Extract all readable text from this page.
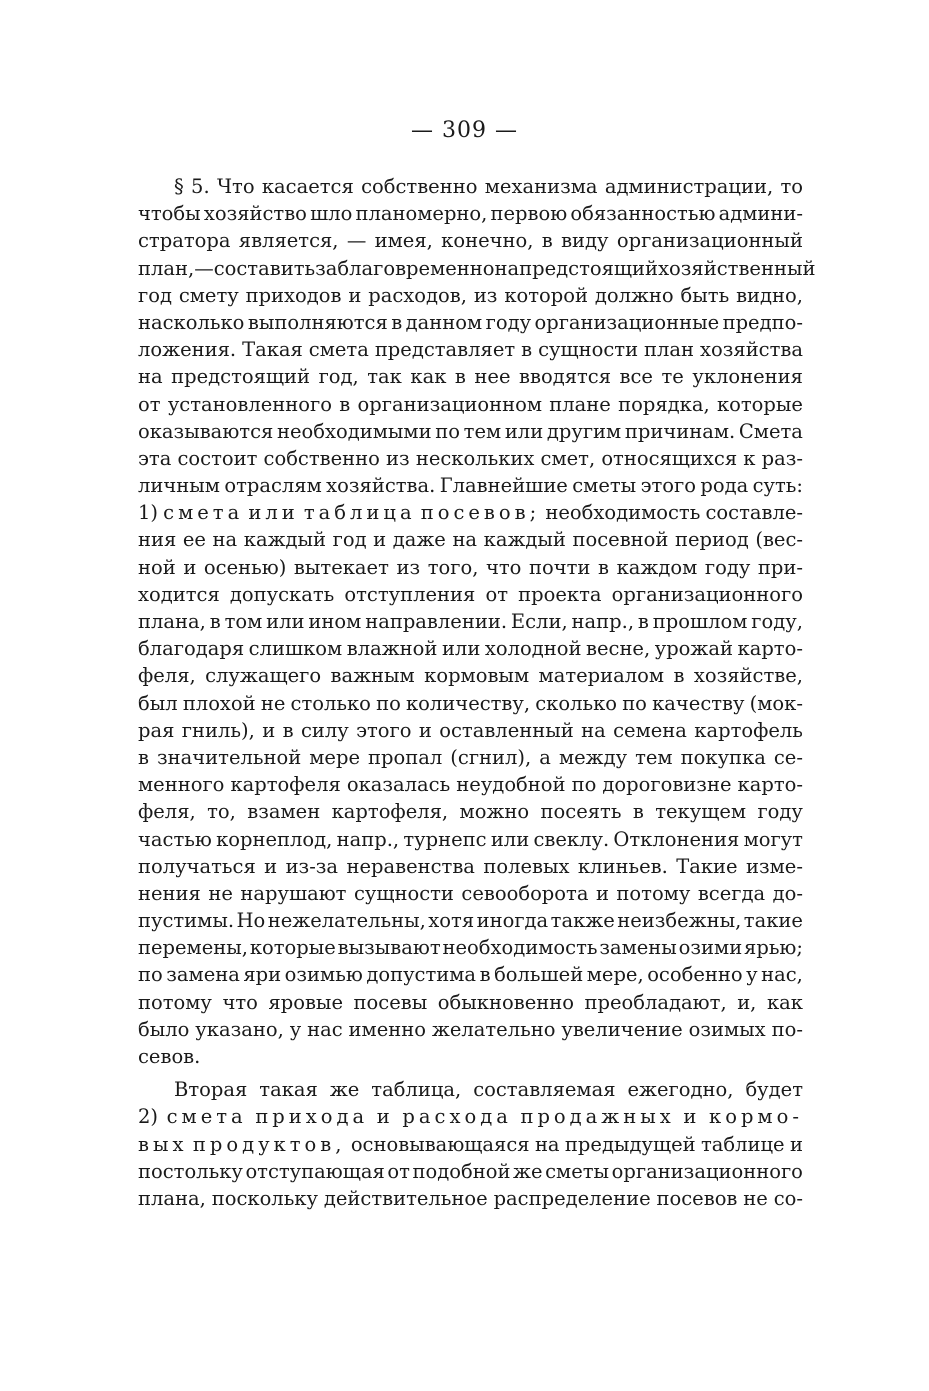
— 309 —
§ 5. Что касается собственно механизма администрации, то
чтобы хозяйство шло планомерно, первою обязанностью админи-
стратора является, — имея, конечно, в виду организационный
план, — составить заблаговременно на предстоящий хозяйственный
год смету приходов и расходов, из которой должно быть видно,
насколько выполняются в данном году организационные предпо-
ложения. Такая смета представляет в сущности план хозяйства
на предстоящий год, так как в нее вводятся все те уклонения
от установленного в организационном плане порядка, которые
оказываются необходимыми по тем или другим причинам. Смета
эта состоит собственно из нескольких смет, относящихся к раз-
личным отраслям хозяйства. Главнейшие сметы этого рода суть:
1) смета или таблица посевов; необходимость составле-
ния ее на каждый год и даже на каждый посевной период (вес-
ной и осенью) вытекает из того, что почти в каждом году при-
ходится допускать отступления от проекта организационного
плана, в том или ином направлении. Если, напр., в прошлом году,
благодаря слишком влажной или холодной весне, урожай карто-
феля, служащего важным кормовым материалом в хозяйстве,
был плохой не столько по количеству, сколько по качеству (мок-
рая гниль), и в силу этого и оставленный на семена картофель
в значительной мере пропал (сгнил), а между тем покупка се-
менного картофеля оказалась неудобной по дороговизне карто-
феля, то, взамен картофеля, можно посеять в текущем году
частью корнеплод, напр., турнепс или свеклу. Отклонения могут
получаться и из-за неравенства полевых клиньев. Такие изме-
нения не нарушают сущности севооборота и потому всегда до-
пустимы. Но нежелательны, хотя иногда также неизбежны, такие
перемены, которые вызывают необходимость замены озими ярью;
по замена яри озимью допустима в большей мере, особенно у нас,
потому что яровые посевы обыкновенно преобладают, и, как
было указано, у нас именно желательно увеличение озимых по-
севов.
Вторая такая же таблица, составляемая ежегодно, будет
2) смета прихода и расхода продажных и кормо-
вых продуктов, основывающаяся на предыдущей таблице и
постольку отступающая от подобной же сметы организационного
плана, поскольку действительное распределение посевов не со-
